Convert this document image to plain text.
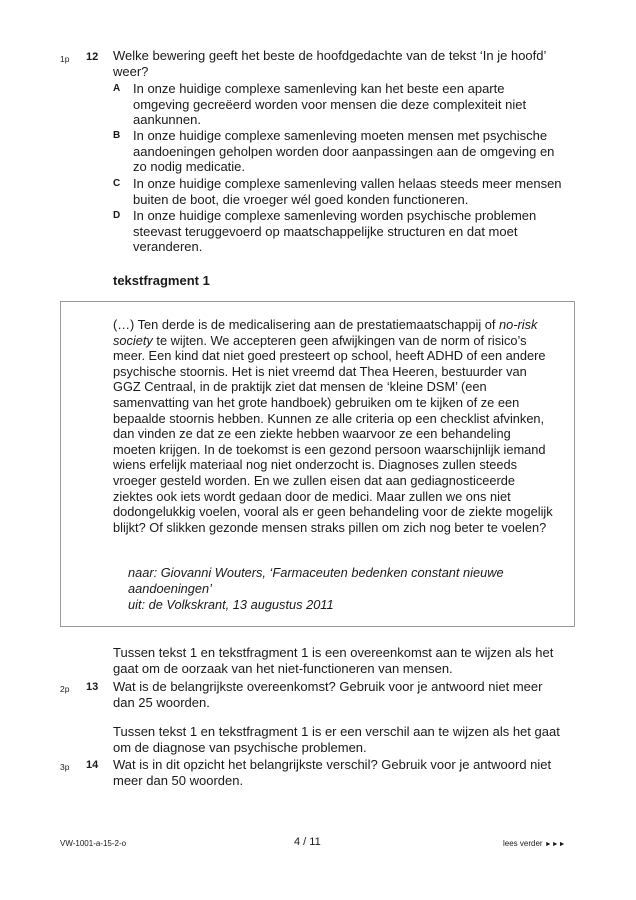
1p 12 Welke bewering geeft het beste de hoofdgedachte van de tekst ‘In je hoofd’ weer?
A In onze huidige complexe samenleving kan het beste een aparte omgeving gecreëerd worden voor mensen die deze complexiteit niet aankunnen.
B In onze huidige complexe samenleving moeten mensen met psychische aandoeningen geholpen worden door aanpassingen aan de omgeving en zo nodig medicatie.
C In onze huidige complexe samenleving vallen helaas steeds meer mensen buiten de boot, die vroeger wél goed konden functioneren.
D In onze huidige complexe samenleving worden psychische problemen steevast teruggevoerd op maatschappelijke structuren en dat moet veranderen.
tekstfragment 1
(…) Ten derde is de medicalisering aan de prestatiemaatschappij of no-risk society te wijten. We accepteren geen afwijkingen van de norm of risico’s meer. Een kind dat niet goed presteert op school, heeft ADHD of een andere psychische stoornis. Het is niet vreemd dat Thea Heeren, bestuurder van GGZ Centraal, in de praktijk ziet dat mensen de ‘kleine DSM’ (een samenvatting van het grote handboek) gebruiken om te kijken of ze een bepaalde stoornis hebben. Kunnen ze alle criteria op een checklist afvinken, dan vinden ze dat ze een ziekte hebben waarvoor ze een behandeling moeten krijgen. In de toekomst is een gezond persoon waarschijnlijk iemand wiens erfelijk materiaal nog niet onderzocht is. Diagnoses zullen steeds vroeger gesteld worden. En we zullen eisen dat aan gediagnosticeerde ziektes ook iets wordt gedaan door de medici. Maar zullen we ons niet dodongelukkig voelen, vooral als er geen behandeling voor de ziekte mogelijk blijkt? Of slikken gezonde mensen straks pillen om zich nog beter te voelen?
naar: Giovanni Wouters, ‘Farmaceuten bedenken constant nieuwe aandoeningen’
uit: de Volkskrant, 13 augustus 2011
Tussen tekst 1 en tekstfragment 1 is een overeenkomst aan te wijzen als het gaat om de oorzaak van het niet-functioneren van mensen.
2p 13 Wat is de belangrijkste overeenkomst? Gebruik voor je antwoord niet meer dan 25 woorden.
Tussen tekst 1 en tekstfragment 1 is er een verschil aan te wijzen als het gaat om de diagnose van psychische problemen.
3p 14 Wat is in dit opzicht het belangrijkste verschil? Gebruik voor je antwoord niet meer dan 50 woorden.
VW-1001-a-15-2-o	4 / 11	lees verder ►►►
